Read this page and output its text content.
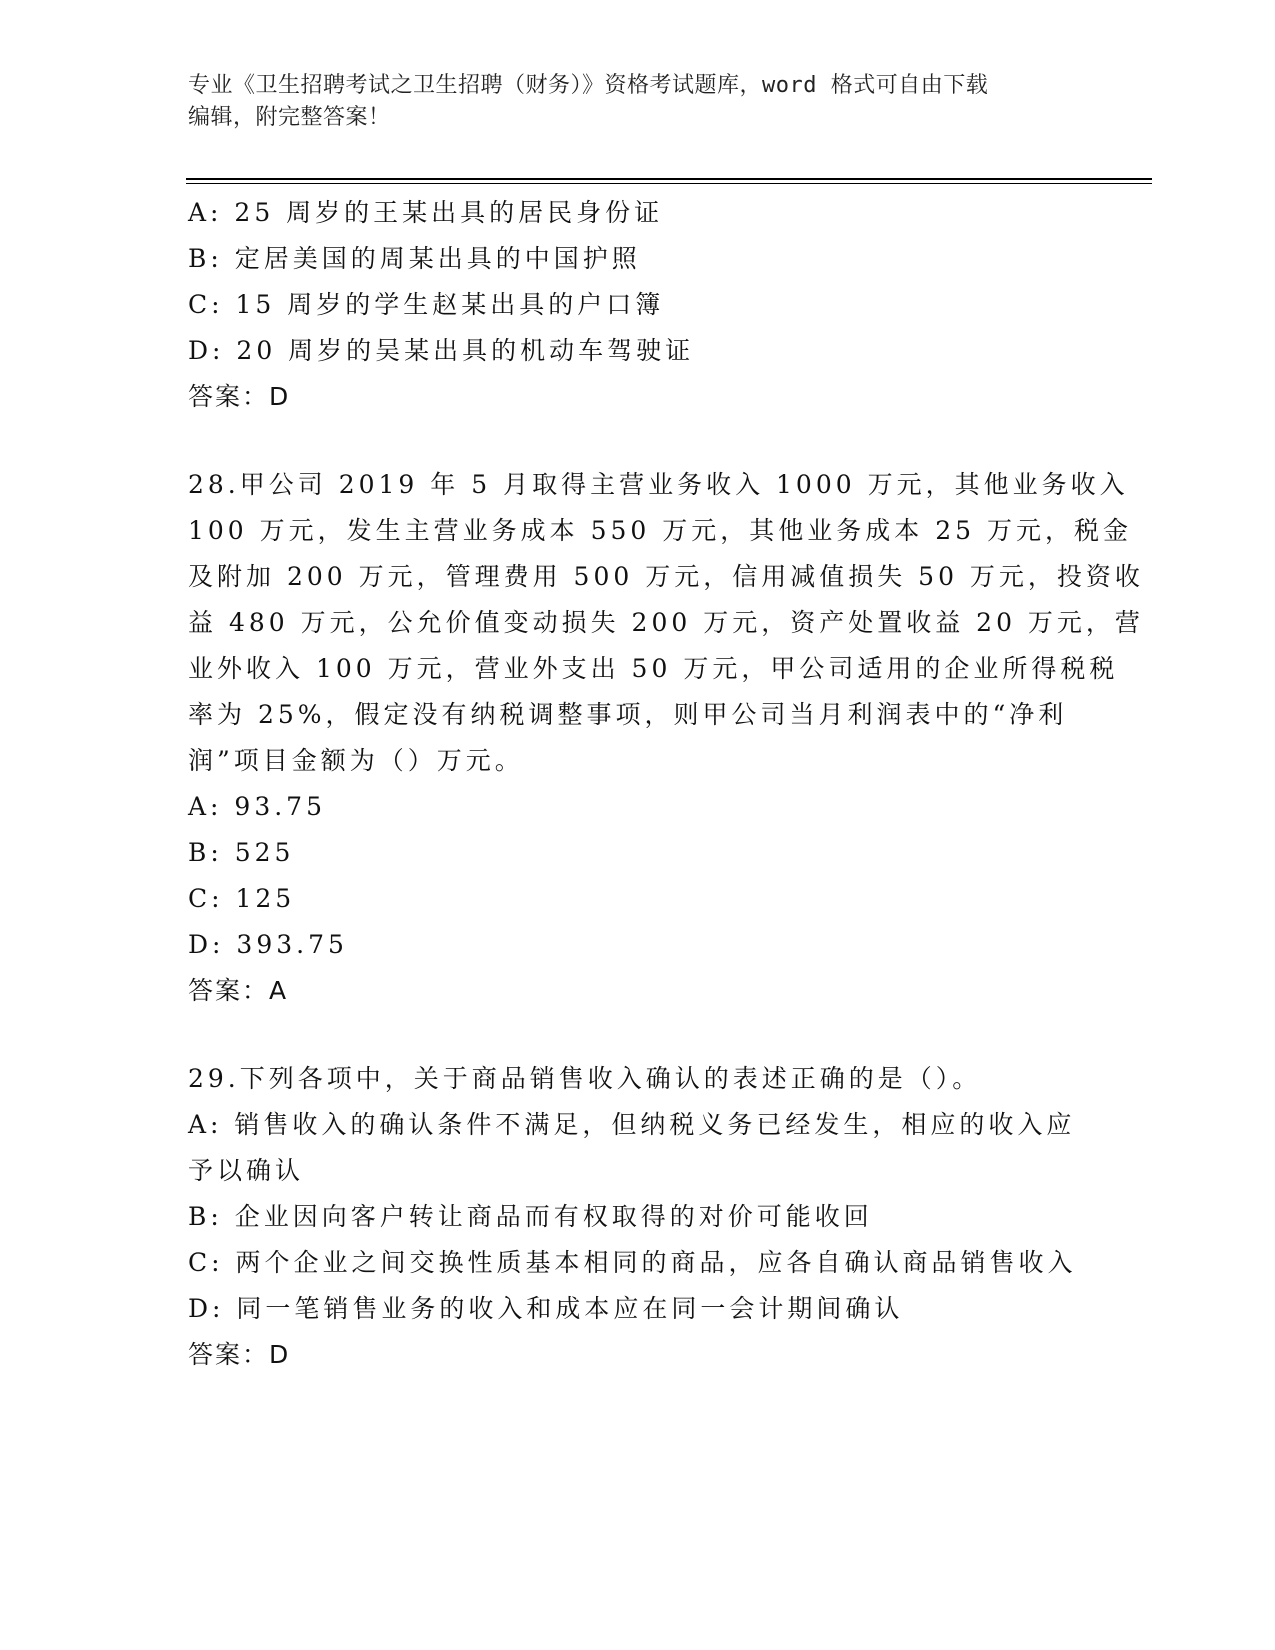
专业《卫生招聘考试之卫生招聘（财务）》资格考试题库，word 格式可自由下载
编辑，附完整答案！
A: 25 周岁的王某出具的居民身份证
B: 定居美国的周某出具的中国护照
C: 15 周岁的学生赵某出具的户口簿
D: 20 周岁的吴某出具的机动车驾驶证
答案：D
28.甲公司 2019 年 5 月取得主营业务收入 1000 万元，其他业务收入
100 万元，发生主营业务成本 550 万元，其他业务成本 25 万元，税金
及附加 200 万元，管理费用 500 万元，信用减值损失 50 万元，投资收
益 480 万元，公允价值变动损失 200 万元，资产处置收益 20 万元，营
业外收入 100 万元，营业外支出 50 万元，甲公司适用的企业所得税税
率为 25%，假定没有纳税调整事项，则甲公司当月利润表中的“净利
润”项目金额为（）万元。
A: 93.75
B: 525
C: 125
D: 393.75
答案：A
29.下列各项中，关于商品销售收入确认的表述正确的是（）。
A: 销售收入的确认条件不满足，但纳税义务已经发生，相应的收入应
予以确认
B: 企业因向客户转让商品而有权取得的对价可能收回
C: 两个企业之间交换性质基本相同的商品，应各自确认商品销售收入
D: 同一笔销售业务的收入和成本应在同一会计期间确认
答案：D
